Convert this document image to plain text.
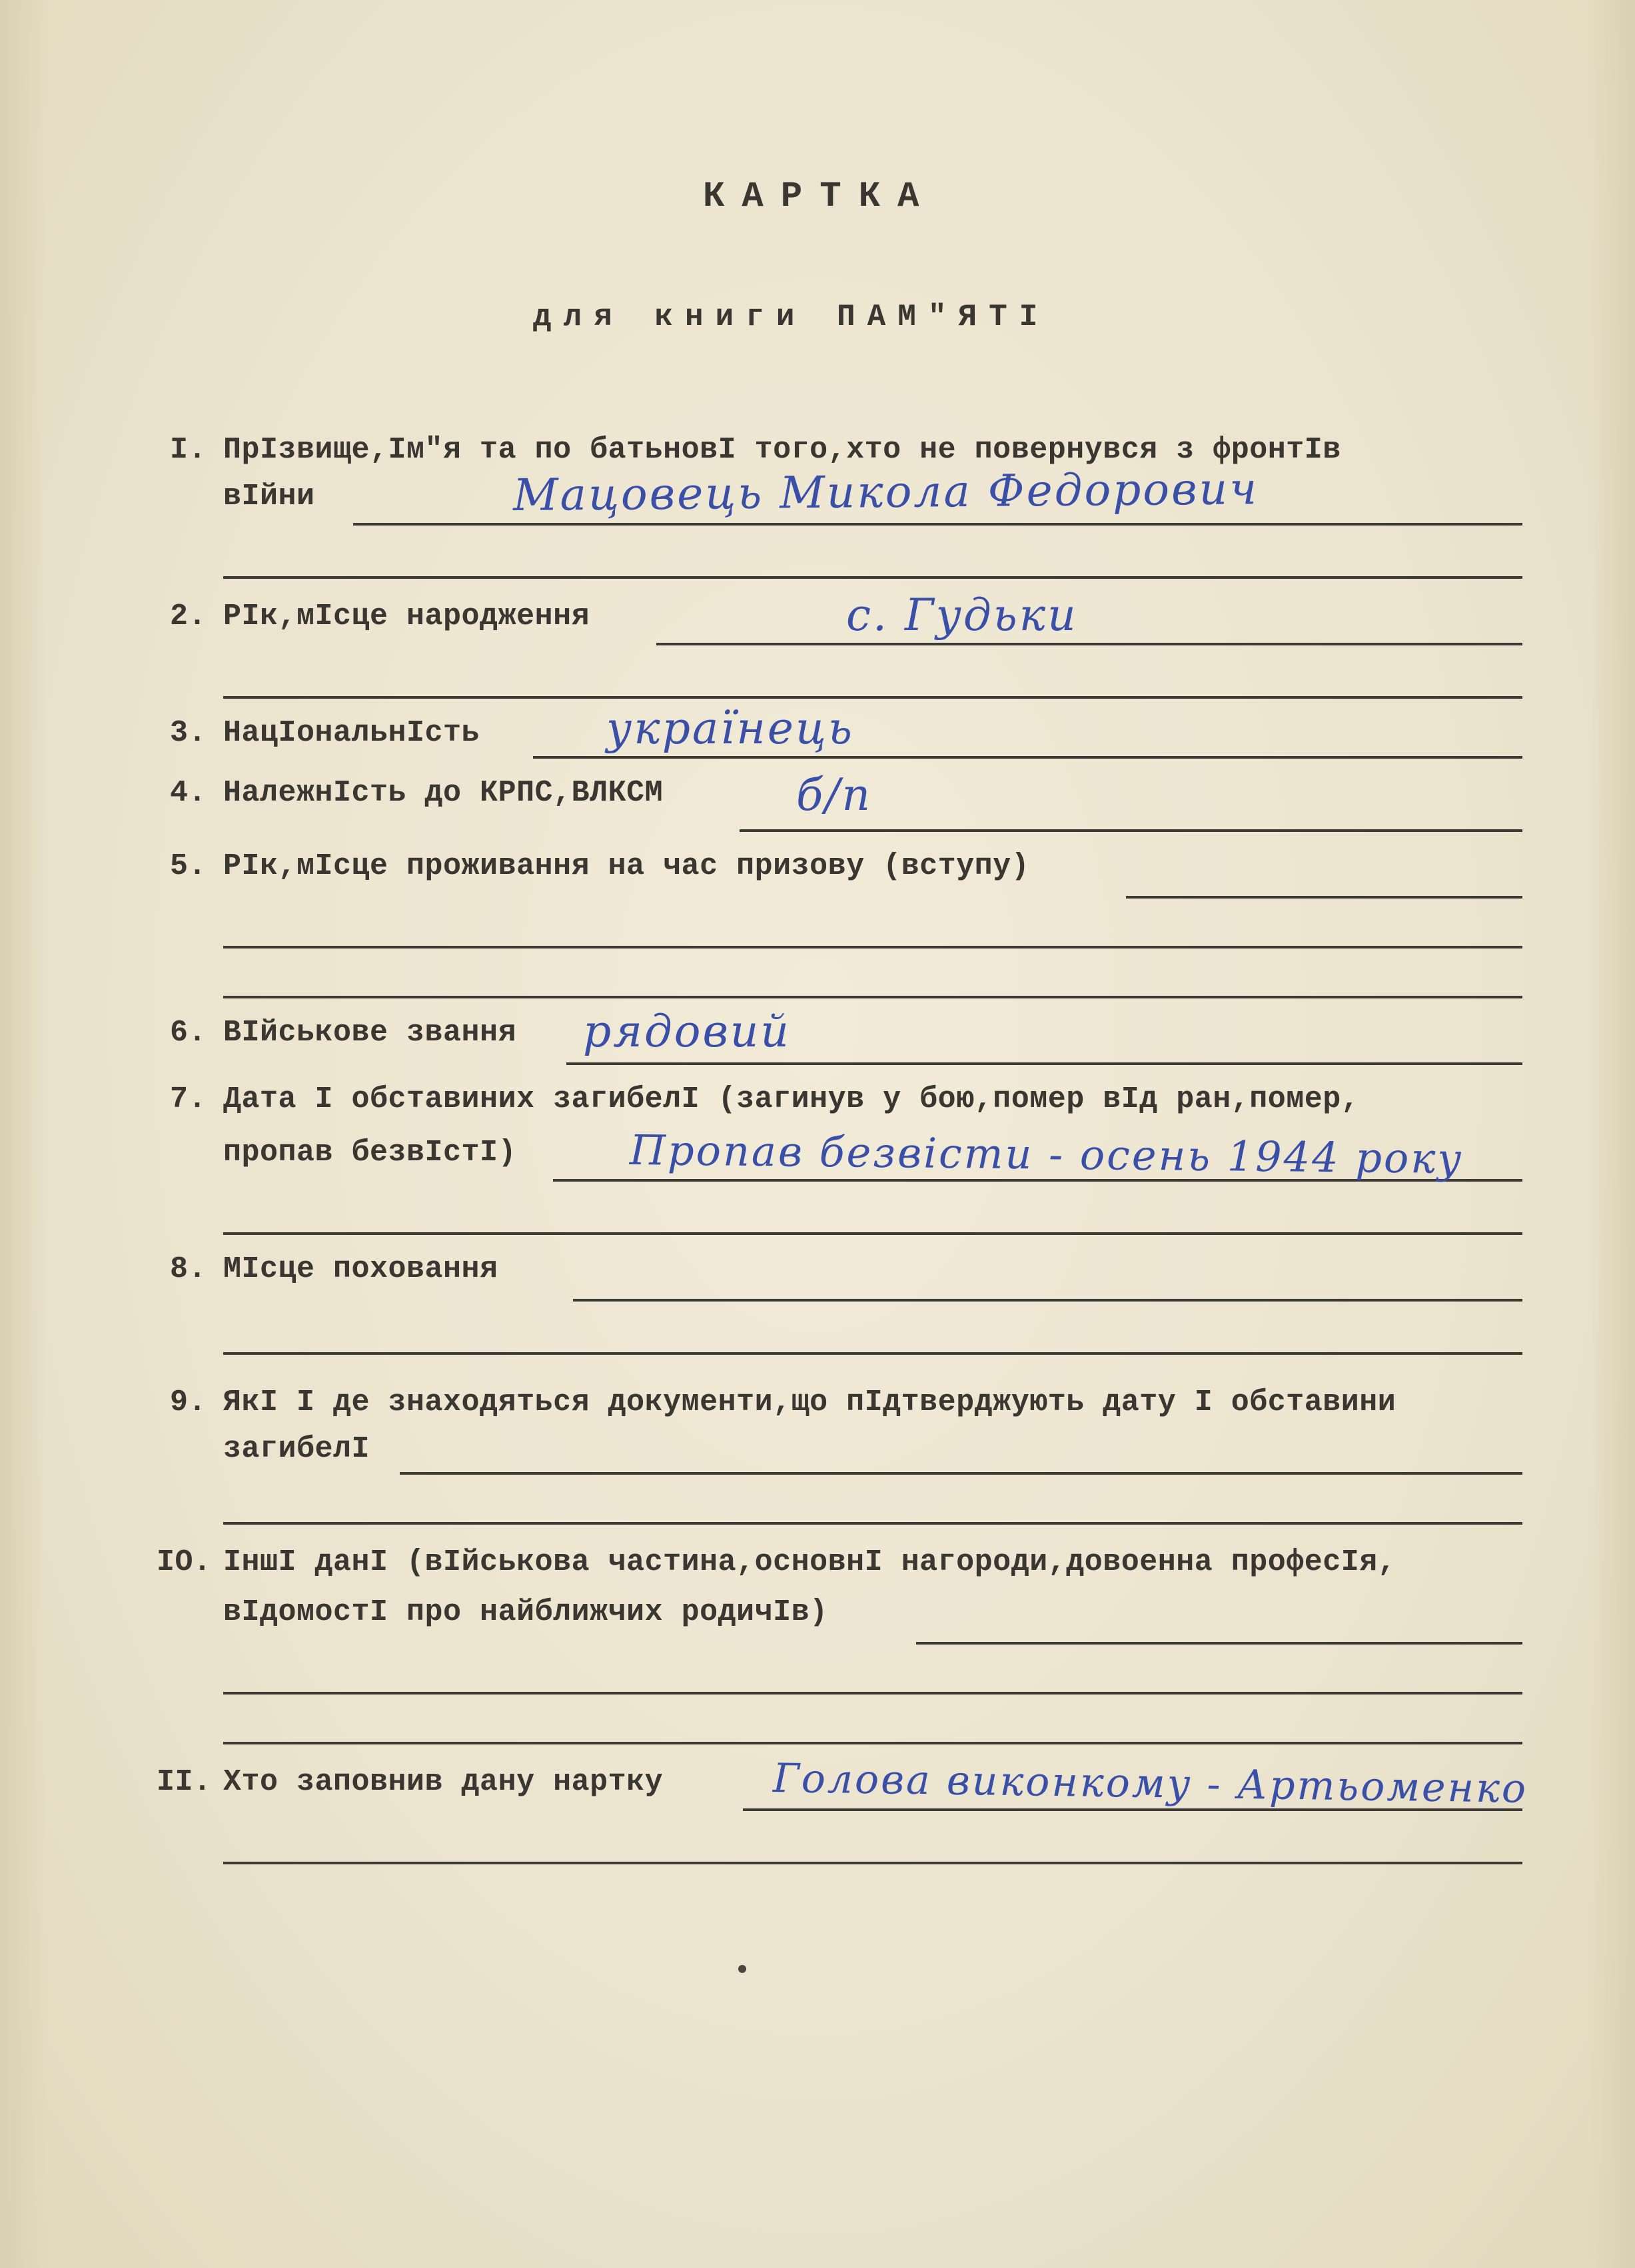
КАРТКА
для книги ПАМ"ЯТІ
I. ПрІзвище,Ім"я та по батьновІ того,хто не повернувся з фронтІв
вІйни	Мацовець Микола Федорович
2. РІк,мІсце народження	с. Гудьки
3. НацІональнІсть	українець
4. НалежнІсть до КРПС,ВЛКСМ	б/п
5. РІк,мІсце проживання на час призову (вступу)
6. ВІйськове звання рядовий
7. Дата І обставиних загибелІ (загинув у бою,помер вІд ран,помер,
пропав безвІстІ)	Пропав безвісти - осень 1944 року
8. МІсце поховання
9. ЯкІ І де знаходяться документи,що пІдтверджують дату І обставини
загибелІ
IO. ІншІ данІ (вІйськова частина,основнІ нагороди,довоенна професІя,
вІдомостІ про найближчих родичІв)
II. Хто заповнив дану нартку	Голова виконкому - Артьоменко
